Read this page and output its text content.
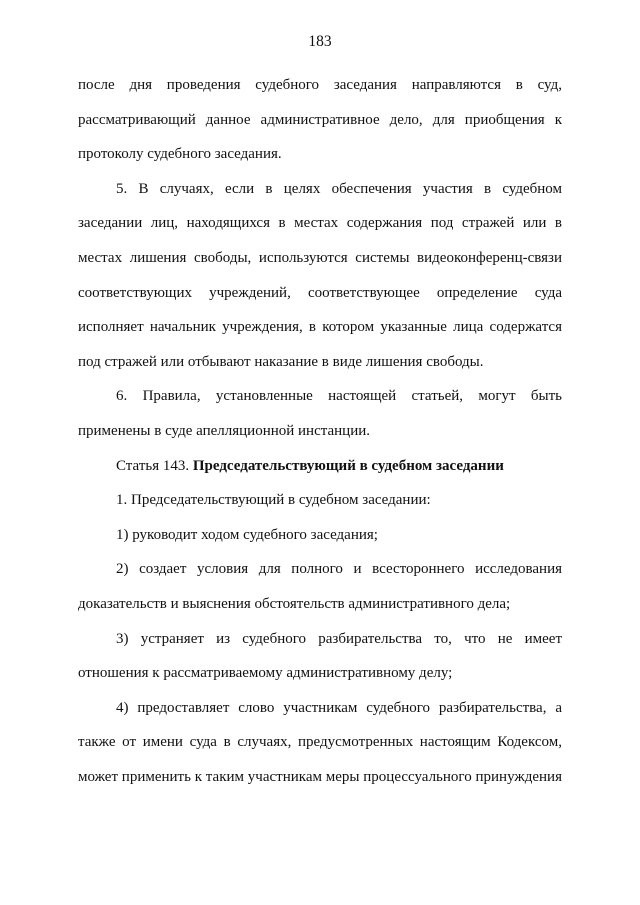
183

после дня проведения судебного заседания направляются в суд, рассматривающий данное административное дело, для приобщения к протоколу судебного заседания.

5. В случаях, если в целях обеспечения участия в судебном заседании лиц, находящихся в местах содержания под стражей или в местах лишения свободы, используются системы видеоконференц-связи соответствующих учреждений, соответствующее определение суда исполняет начальник учреждения, в котором указанные лица содержатся под стражей или отбывают наказание в виде лишения свободы.

6. Правила, установленные настоящей статьей, могут быть применены в суде апелляционной инстанции.

Статья 143. Председательствующий в судебном заседании

1. Председательствующий в судебном заседании:

1) руководит ходом судебного заседания;

2) создает условия для полного и всестороннего исследования доказательств и выяснения обстоятельств административного дела;

3) устраняет из судебного разбирательства то, что не имеет отношения к рассматриваемому административному делу;

4) предоставляет слово участникам судебного разбирательства, а также от имени суда в случаях, предусмотренных настоящим Кодексом, может применить к таким участникам меры процессуального принуждения
